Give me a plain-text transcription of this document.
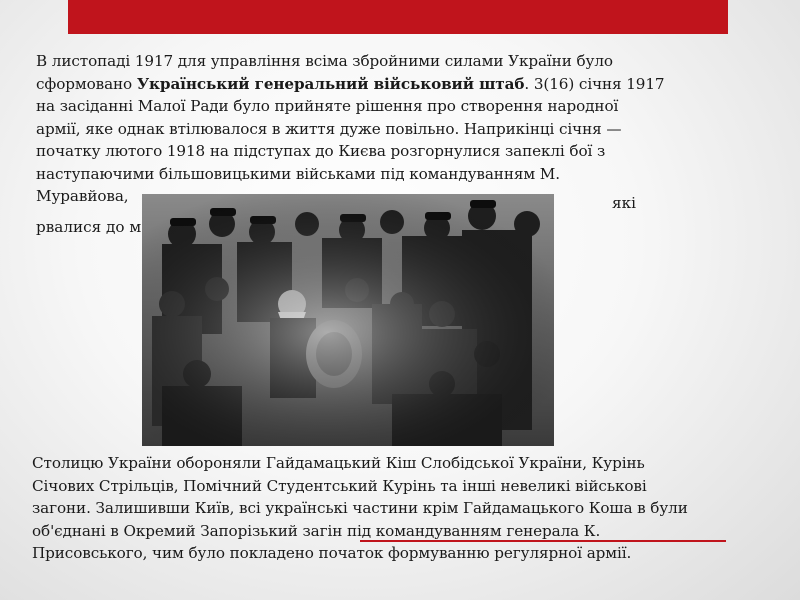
В листопаді 1917 для управління всіма збройними силами України було
сформовано Український генеральний військовий штаб. 3(16) січня 1917
на засіданні Малої Ради було прийняте рішення про створення народної
армії, яке однак втілювалося в життя дуже повільно. Наприкінці січня —
початку лютого 1918 на підступах до Києва розгорнулися запеклі бої з
наступаючими більшовицькими військами під командуванням М.
Муравйова,	які
рвалися до м
Столицю України обороняли Гайдамацький Кіш Слобідської України, Курінь
Січових Стрільців, Помічний Студентський Курінь та інші невеликі військові
загони. Залишивши Київ, всі українські частини крім Гайдамацького Коша в були
об'єднані в Окремий Запорізький загін під командуванням генерала К.
Присовського, чим було покладено початок формуванню регулярної армії.
